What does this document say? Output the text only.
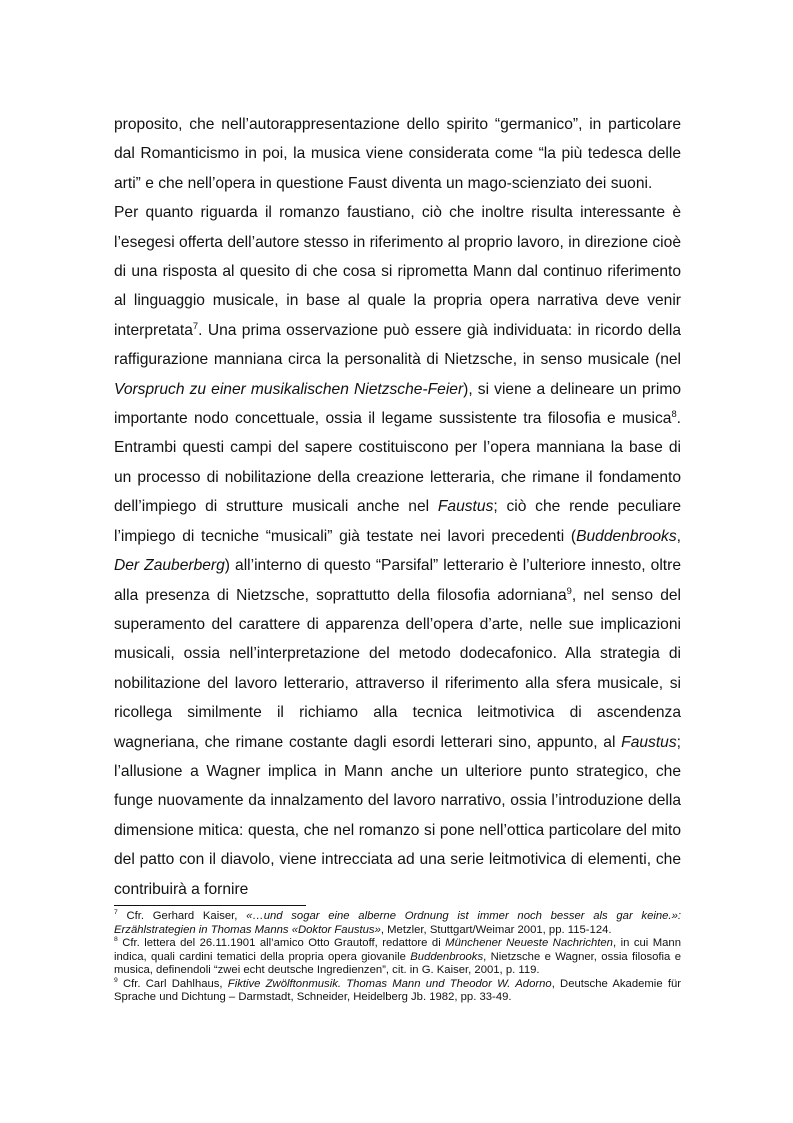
proposito, che nell’autorappresentazione dello spirito “germanico”, in particolare dal Romanticismo in poi, la musica viene considerata come “la più tedesca delle arti” e che nell’opera in questione Faust diventa un mago-scienziato dei suoni.

Per quanto riguarda il romanzo faustiano, ciò che inoltre risulta interessante è l’esegesi offerta dell’autore stesso in riferimento al proprio lavoro, in direzione cioè di una risposta al quesito di che cosa si riprometta Mann dal continuo riferimento al linguaggio musicale, in base al quale la propria opera narrativa deve venir interpretata$^7$. Una prima osservazione può essere già individuata: in ricordo della raffigurazione manniana circa la personalità di Nietzsche, in senso musicale (nel Vorspruch zu einer musikalischen Nietzsche-Feier), si viene a delineare un primo importante nodo concettuale, ossia il legame sussistente tra filosofia e musica$^8$. Entrambi questi campi del sapere costituiscono per l’opera manniana la base di un processo di nobilitazione della creazione letteraria, che rimane il fondamento dell’impiego di strutture musicali anche nel Faustus; ciò che rende peculiare l’impiego di tecniche “musicali” già testate nei lavori precedenti (Buddenbrooks, Der Zauberberg) all’interno di questo “Parsifal” letterario è l’ulteriore innesto, oltre alla presenza di Nietzsche, soprattutto della filosofia adorniana$^9$, nel senso del superamento del carattere di apparenza dell’opera d’arte, nelle sue implicazioni musicali, ossia nell’interpretazione del metodo dodecafonico. Alla strategia di nobilitazione del lavoro letterario, attraverso il riferimento alla sfera musicale, si ricollega similmente il richiamo alla tecnica leitmotivica di ascendenza wagneriana, che rimane costante dagli esordi letterari sino, appunto, al Faustus; l’allusione a Wagner implica in Mann anche un ulteriore punto strategico, che funge nuovamente da innalzamento del lavoro narrativo, ossia l’introduzione della dimensione mitica: questa, che nel romanzo si pone nell’ottica particolare del mito del patto con il diavolo, viene intrecciata ad una serie leitmotivica di elementi, che contribuirà a fornire

$^7$ Cfr. Gerhard Kaiser, «…und sogar eine alberne Ordnung ist immer noch besser als gar keine.»: Erzählstrategien in Thomas Manns «Doktor Faustus», Metzler, Stuttgart/Weimar 2001, pp. 115-124.

$^8$ Cfr. lettera del 26.11.1901 all’amico Otto Grautoff, redattore di Münchener Neueste Nachrichten, in cui Mann indica, quali cardini tematici della propria opera giovanile Buddenbrooks, Nietzsche e Wagner, ossia filosofia e musica, definendoli “zwei echt deutsche Ingredienzen”, cit. in G. Kaiser, 2001, p. 119.

$^9$ Cfr. Carl Dahlhaus, Fiktive Zwölftonmusik. Thomas Mann und Theodor W. Adorno, Deutsche Akademie für Sprache und Dichtung – Darmstadt, Schneider, Heidelberg Jb. 1982, pp. 33-49.
